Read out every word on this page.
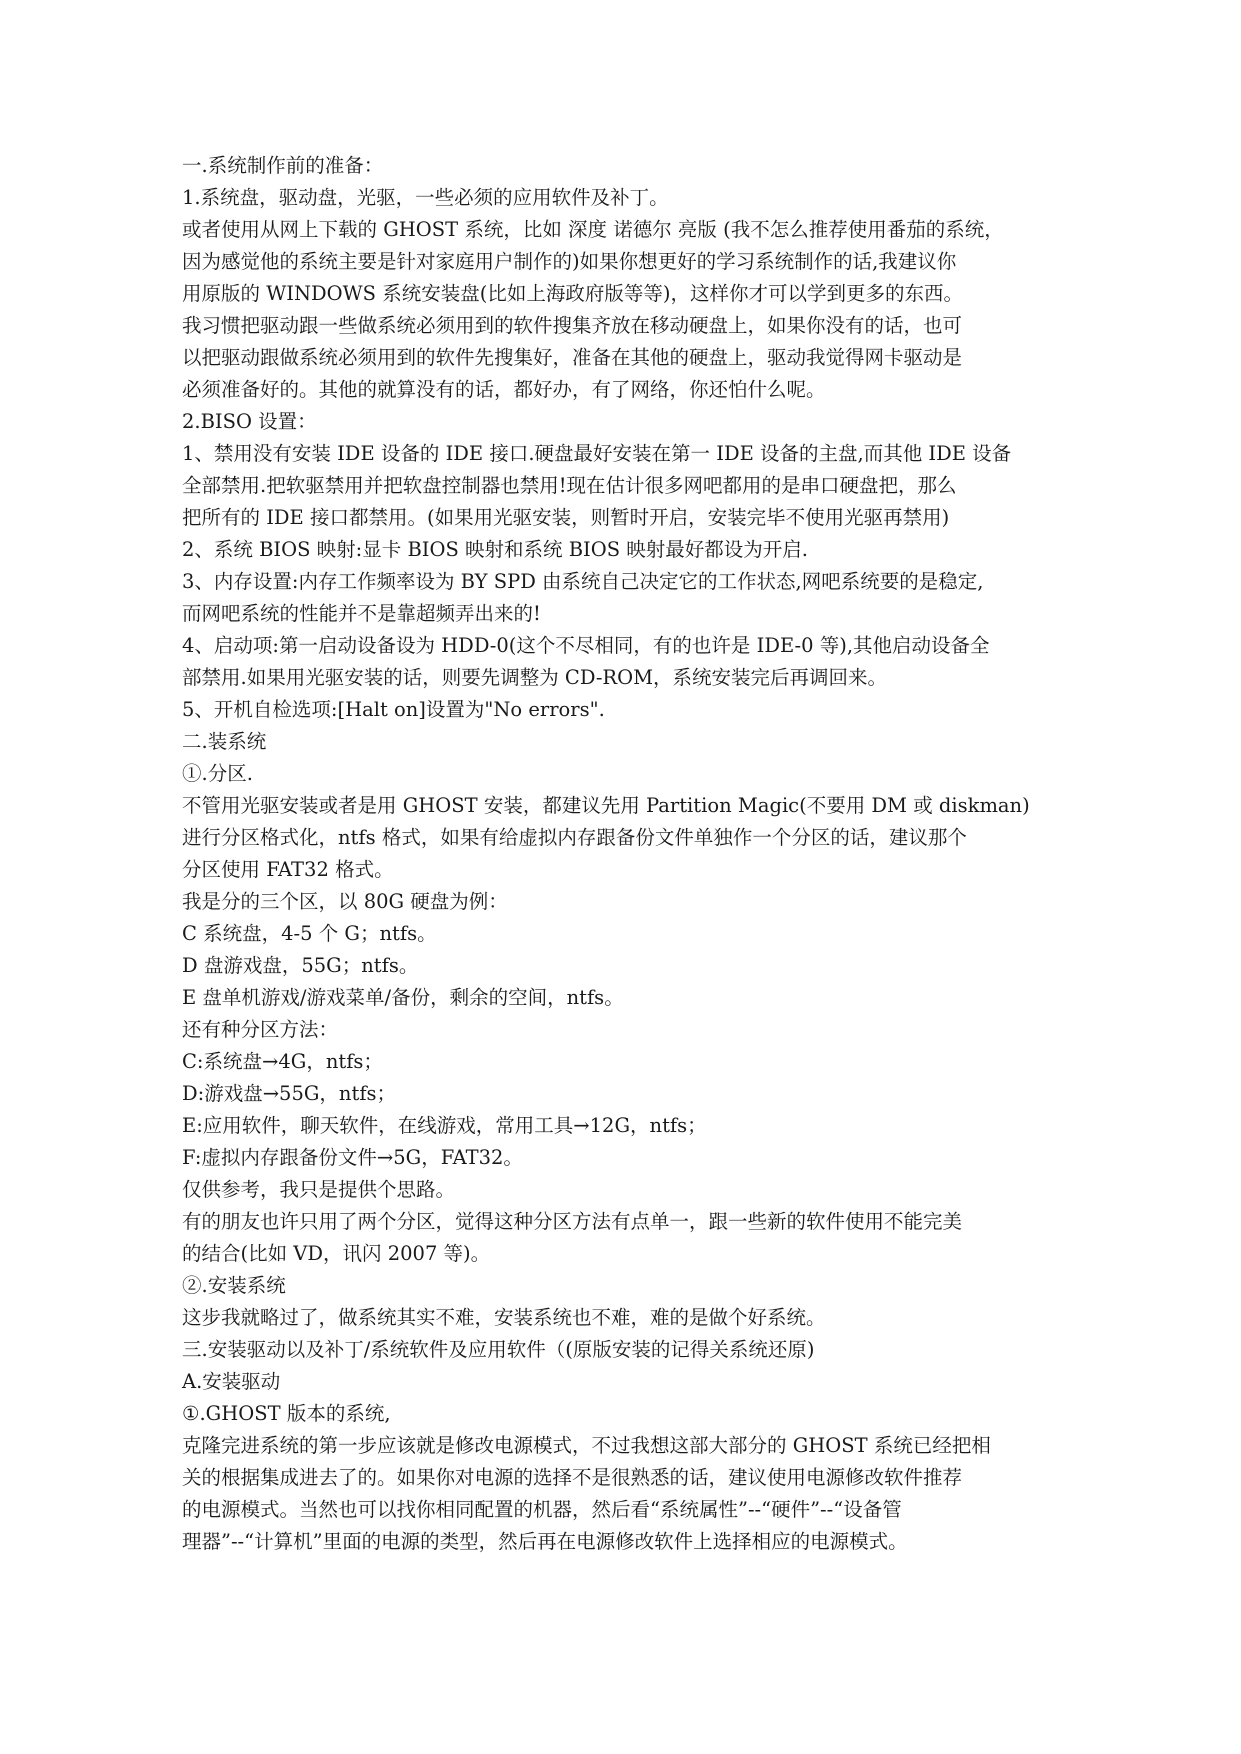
一.系统制作前的准备：
1.系统盘，驱动盘，光驱，一些必须的应用软件及补丁。
或者使用从网上下载的 GHOST 系统，比如 深度 诺德尔 亮版 (我不怎么推荐使用番茄的系统，
因为感觉他的系统主要是针对家庭用户制作的)如果你想更好的学习系统制作的话,我建议你
用原版的 WINDOWS 系统安装盘(比如上海政府版等等)，这样你才可以学到更多的东西。
我习惯把驱动跟一些做系统必须用到的软件搜集齐放在移动硬盘上，如果你没有的话，也可
以把驱动跟做系统必须用到的软件先搜集好，准备在其他的硬盘上，驱动我觉得网卡驱动是
必须准备好的。其他的就算没有的话，都好办，有了网络，你还怕什么呢。
2.BISO 设置：
1、禁用没有安装 IDE 设备的 IDE 接口.硬盘最好安装在第一 IDE 设备的主盘,而其他 IDE 设备
全部禁用.把软驱禁用并把软盘控制器也禁用!现在估计很多网吧都用的是串口硬盘把，那么
把所有的 IDE 接口都禁用。(如果用光驱安装，则暂时开启，安装完毕不使用光驱再禁用)
2、系统 BIOS 映射:显卡 BIOS 映射和系统 BIOS 映射最好都设为开启.
3、内存设置:内存工作频率设为 BY SPD 由系统自己决定它的工作状态,网吧系统要的是稳定,
而网吧系统的性能并不是靠超频弄出来的!
4、启动项:第一启动设备设为 HDD-0(这个不尽相同，有的也许是 IDE-0 等),其他启动设备全
部禁用.如果用光驱安装的话，则要先调整为 CD-ROM，系统安装完后再调回来。
5、开机自检选项:[Halt on]设置为"No errors".
二.装系统
①.分区.
不管用光驱安装或者是用 GHOST 安装，都建议先用 Partition Magic(不要用 DM 或 diskman)
进行分区格式化，ntfs 格式，如果有给虚拟内存跟备份文件单独作一个分区的话，建议那个
分区使用 FAT32 格式。
我是分的三个区，以 80G 硬盘为例：
C 系统盘，4-5 个 G；ntfs。
D 盘游戏盘，55G；ntfs。
E 盘单机游戏/游戏菜单/备份，剩余的空间，ntfs。
还有种分区方法：
C:系统盘→4G，ntfs；
D:游戏盘→55G，ntfs；
E:应用软件，聊天软件，在线游戏，常用工具→12G，ntfs；
F:虚拟内存跟备份文件→5G，FAT32。
仅供参考，我只是提供个思路。
有的朋友也许只用了两个分区，觉得这种分区方法有点单一，跟一些新的软件使用不能完美
的结合(比如 VD，讯闪 2007 等)。
②.安装系统
这步我就略过了，做系统其实不难，安装系统也不难，难的是做个好系统。
三.安装驱动以及补丁/系统软件及应用软件（(原版安装的记得关系统还原)
A.安装驱动
①.GHOST 版本的系统,
克隆完进系统的第一步应该就是修改电源模式，不过我想这部大部分的 GHOST 系统已经把相
关的根据集成进去了的。如果你对电源的选择不是很熟悉的话，建议使用电源修改软件推荐
的电源模式。当然也可以找你相同配置的机器，然后看“系统属性”--“硬件”--“设备管
理器”--“计算机”里面的电源的类型，然后再在电源修改软件上选择相应的电源模式。
